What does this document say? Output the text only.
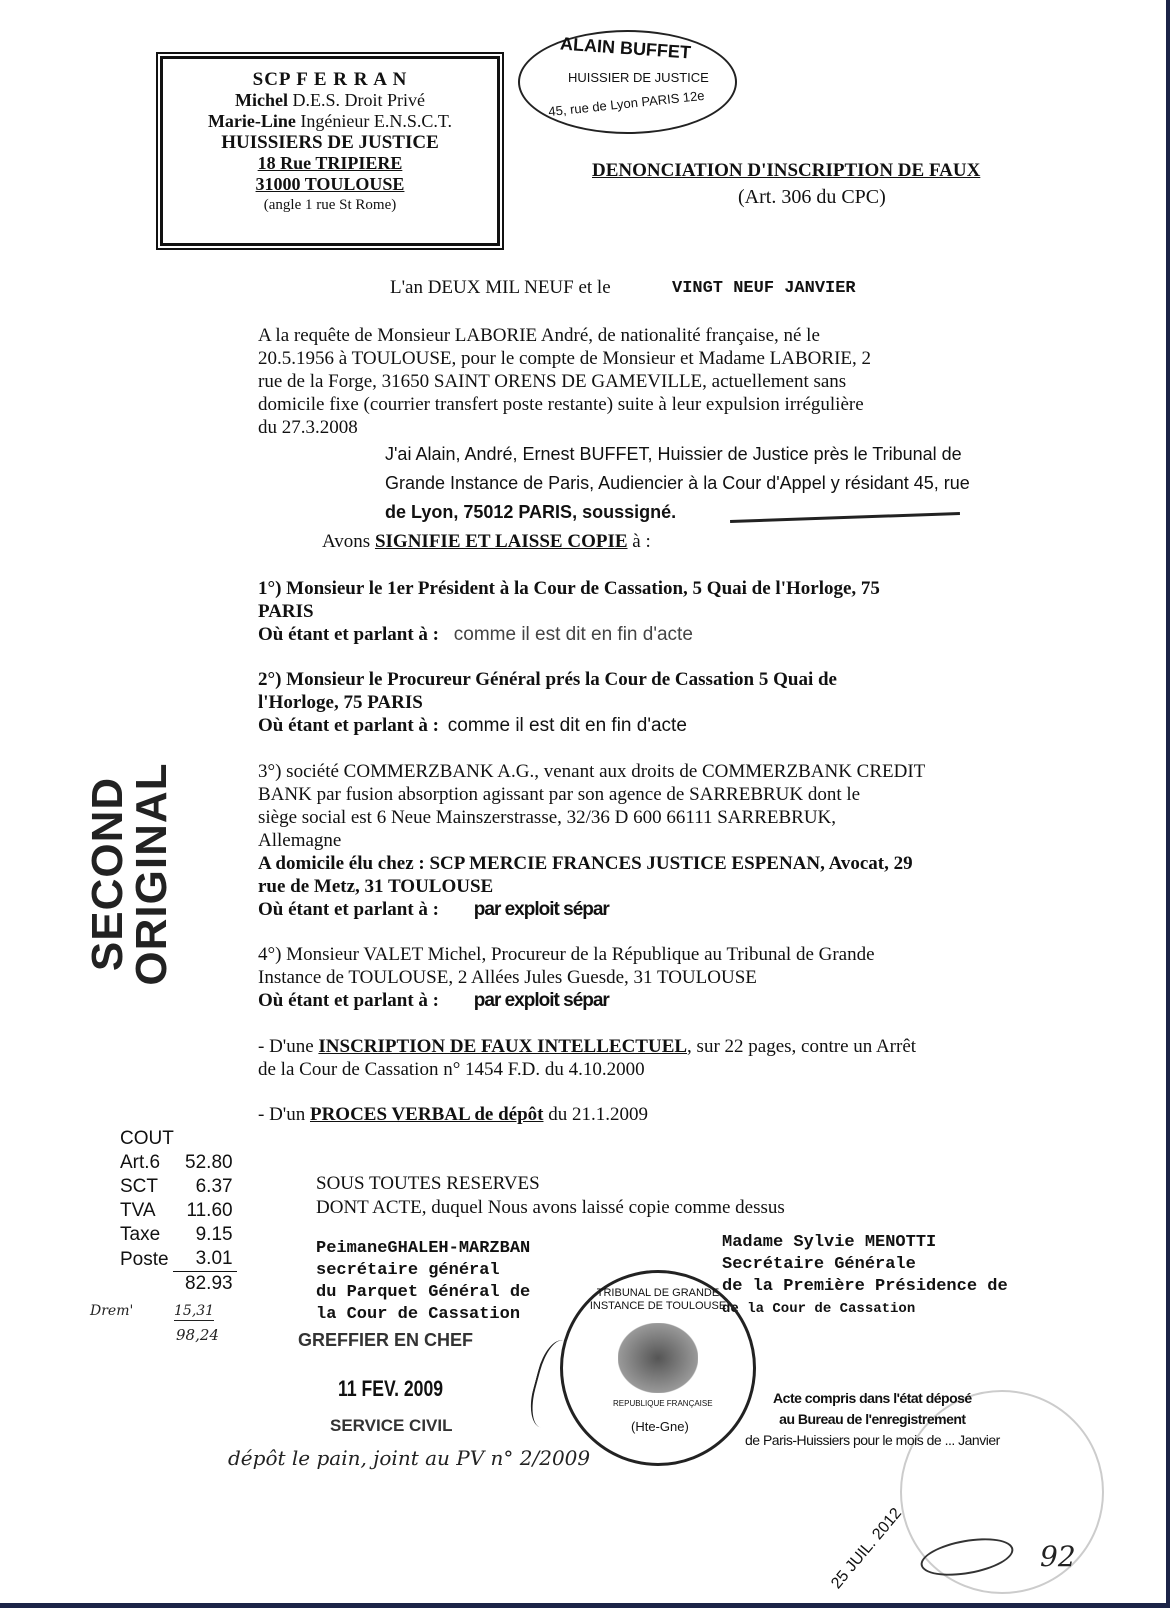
SCP F E R R A N
Michel D.E.S. Droit Privé
Marie-Line Ingénieur E.N.S.C.T.
HUISSIERS DE JUSTICE
18 Rue TRIPIERE
31000 TOULOUSE
(angle 1 rue St Rome)
ALAIN BUFFET
HUISSIER DE JUSTICE
45, rue de Lyon PARIS 12e
DENONCIATION D'INSCRIPTION DE FAUX
(Art. 306 du CPC)
L'an DEUX MIL NEUF et le	VINGT NEUF JANVIER
A la requête de Monsieur LABORIE André, de nationalité française, né le
20.5.1956 à TOULOUSE, pour le compte de Monsieur et Madame LABORIE, 2
rue de la Forge, 31650 SAINT ORENS DE GAMEVILLE, actuellement sans
domicile fixe (courrier transfert poste restante) suite à leur expulsion irrégulière
du 27.3.2008
J'ai Alain, André, Ernest BUFFET, Huissier de Justice près le Tribunal de
Grande Instance de Paris, Audiencier à la Cour d'Appel y résidant 45, rue
de Lyon, 75012 PARIS, soussigné.
Avons SIGNIFIE ET LAISSE COPIE à :
1°) Monsieur le 1er Président à la Cour de Cassation, 5 Quai de l'Horloge, 75
PARIS
Où étant et parlant à : comme il est dit en fin d'acte
2°) Monsieur le Procureur Général prés la Cour de Cassation 5 Quai de
l'Horloge, 75 PARIS
Où étant et parlant à : comme il est dit en fin d'acte
3°) société COMMERZBANK A.G., venant aux droits de COMMERZBANK CREDIT
BANK par fusion absorption agissant par son agence de SARREBRUK dont le
siège social est 6 Neue Mainszerstrasse, 32/36 D 600 66111 SARREBRUK,
Allemagne
A domicile élu chez : SCP MERCIE FRANCES JUSTICE ESPENAN, Avocat, 29
rue de Metz, 31 TOULOUSE
Où étant et parlant à : par exploit sépar
4°) Monsieur VALET Michel, Procureur de la République au Tribunal de Grande
Instance de TOULOUSE, 2 Allées Jules Guesde, 31 TOULOUSE
Où étant et parlant à : par exploit sépar
- D'une INSCRIPTION DE FAUX INTELLECTUEL, sur 22 pages, contre un Arrêt
de la Cour de Cassation n° 1454 F.D. du 4.10.2000
- D'un PROCES VERBAL de dépôt du 21.1.2009
COUT
Art.6	52.80
SCT	6.37
TVA	11.60
Taxe	9.15
Poste	3.01
	82.93
Drem'	15,31
98,24
SOUS TOUTES RESERVES
DONT ACTE, duquel Nous avons laissé copie comme dessus
PeimaneGHALEH-MARZBAN
secrétaire général
du Parquet Général de
la Cour de Cassation
Madame Sylvie MENOTTI
Secrétaire Générale
de la Première Présidence de
de la Cour de Cassation
GREFFIER EN CHEF
11 FEV. 2009
SERVICE CIVIL
TRIBUNAL DE GRANDE INSTANCE DE TOULOUSE
REPUBLIQUE FRANÇAISE
(Hte-Gne)
Acte compris dans l'état déposé
au Bureau de l'enregistrement
de Paris-Huissiers pour le mois de ... Janvier
dépôt le pain, joint au PV n° 2/2009
25 JUIL. 2012	92
SECOND
ORIGINAL
